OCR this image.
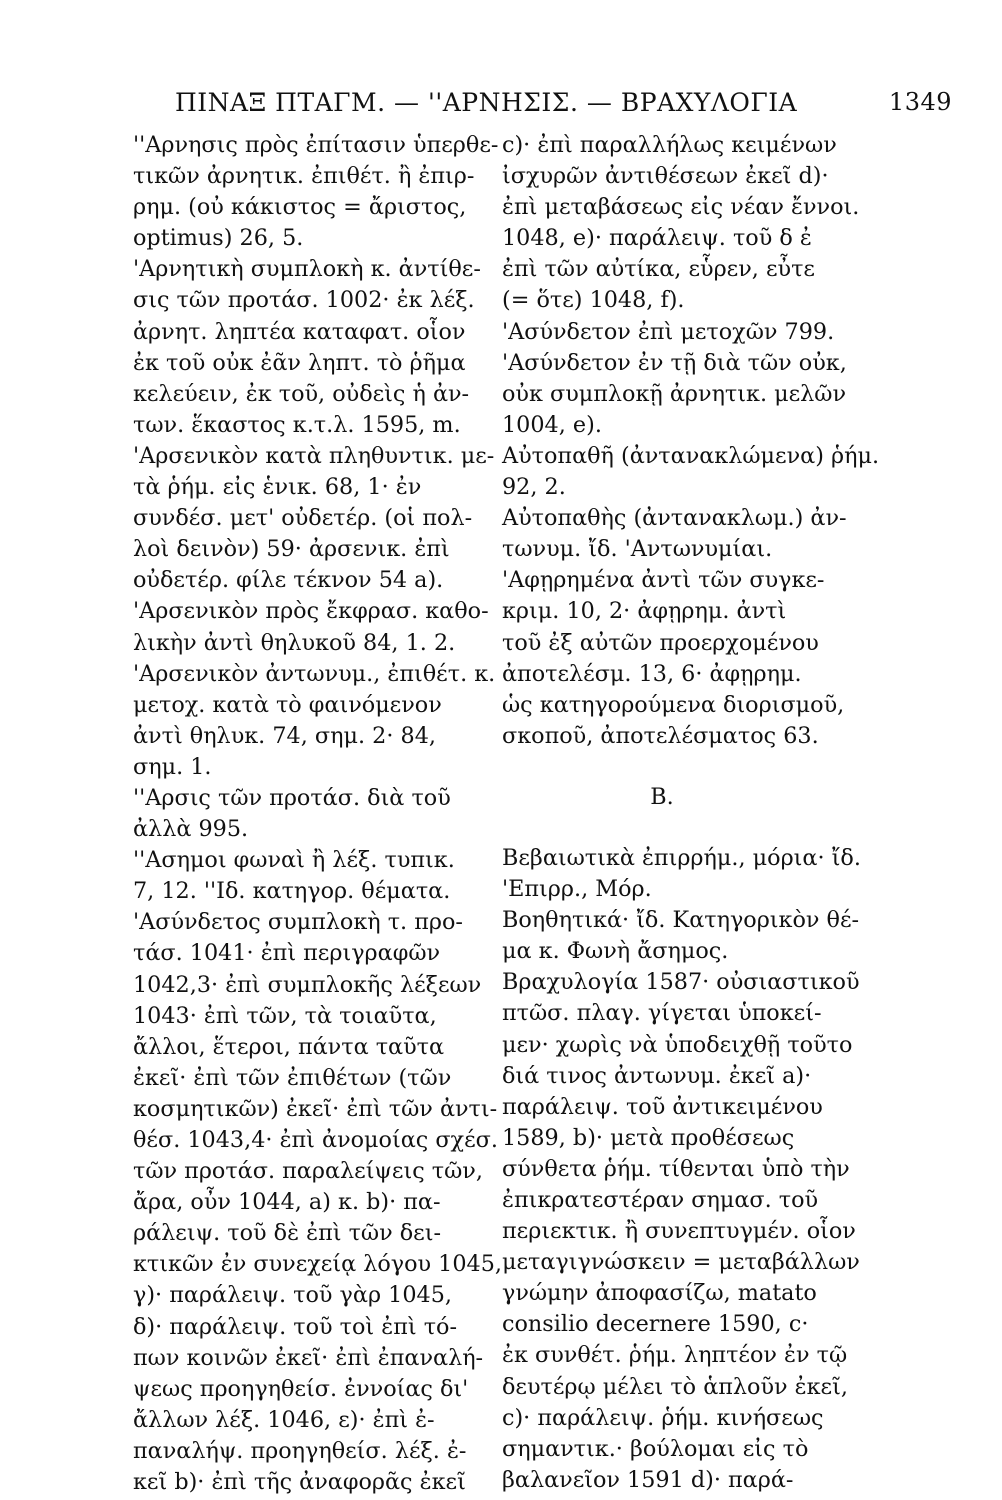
ΠΙΝΑΞ ΠΤΑΓΜ. — ''ΑΡΝΗΣΙΣ. — ΒΡΑΧΥΛΟΓΙΑ	1349
''Αρνησις πρὸς ἐπίτασιν ὑπερθε-
τικῶν ἀρνητικ. ἐπιθέτ. ἢ ἐπιρ-
ρημ. (οὐ κάκιστος = ἄριστος,
optimus) 26, 5.
'Αρνητικὴ συμπλοκὴ κ. ἀντίθε-
σις τῶν προτάσ. 1002· ἐκ λέξ.
ἀρνητ. ληπτέα καταφατ. οἷον
ἐκ τοῦ οὐκ ἐᾶν ληπτ. τὸ ῥῆμα
κελεύειν, ἐκ τοῦ, οὐδεὶς ἡ ἀν-
των. ἕκαστος κ.τ.λ. 1595, m.
'Αρσενικὸν κατὰ πληθυντικ. με-
τὰ ῥήμ. εἰς ἑνικ. 68, 1· ἐν
συνδέσ. μετ' οὐδετέρ. (οἱ πολ-
λοὶ δεινὸν) 59· ἀρσενικ. ἐπὶ
οὐδετέρ. φίλε τέκνον 54 a).
'Αρσενικὸν πρὸς ἔκφρασ. καθο-
λικὴν ἀντὶ θηλυκοῦ 84, 1. 2.
'Αρσενικὸν ἀντωνυμ., ἐπιθέτ. κ.
μετοχ. κατὰ τὸ φαινόμενον
ἀντὶ θηλυκ. 74, σημ. 2· 84,
σημ. 1.
''Αρσις τῶν προτάσ. διὰ τοῦ
ἀλλὰ 995.
''Ασημοι φωναὶ ἢ λέξ. τυπικ.
7, 12. ''Ιδ. κατηγορ. θέματα.
'Ασύνδετος συμπλοκὴ τ. προ-
τάσ. 1041· ἐπὶ περιγραφῶν
1042,3· ἐπὶ συμπλοκῆς λέξεων
1043· ἐπὶ τῶν, τὰ τοιαῦτα,
ἄλλοι, ἕτεροι, πάντα ταῦτα
ἐκεῖ· ἐπὶ τῶν ἐπιθέτων (τῶν
κοσμητικῶν) ἐκεῖ· ἐπὶ τῶν ἀντι-
θέσ. 1043,4· ἐπὶ ἀνομοίας σχέσ.
τῶν προτάσ. παραλείψεις τῶν,
ἄρα, οὖν 1044, a) κ. b)· πα-
ράλειψ. τοῦ δὲ ἐπὶ τῶν δει-
κτικῶν ἐν συνεχείᾳ λόγου 1045,
γ)· παράλειψ. τοῦ γὰρ 1045,
δ)· παράλειψ. τοῦ τοὶ ἐπὶ τό-
πων κοινῶν ἐκεῖ· ἐπὶ ἐπαναλή-
ψεως προηγηθείσ. ἐννοίας δι'
ἄλλων λέξ. 1046, ε)· ἐπὶ ἐ-
παναλήψ. προηγηθείσ. λέξ. ἐ-
κεῖ b)· ἐπὶ τῆς ἀναφορᾶς ἐκεῖ
c)· ἐπὶ παραλλήλως κειμένων
ἰσχυρῶν ἀντιθέσεων ἐκεῖ d)·
ἐπὶ μεταβάσεως εἰς νέαν ἔννοι.
1048, e)· παράλειψ. τοῦ δ ἐ
ἐπὶ τῶν αὐτίκα, εὗρεν, εὖτε
(= ὅτε) 1048, f).
'Ασύνδετον ἐπὶ μετοχῶν 799.
'Ασύνδετον ἐν τῇ διὰ τῶν οὐκ,
οὐκ συμπλοκῇ ἀρνητικ. μελῶν
1004, e).
Αὐτοπαθῆ (ἀντανακλώμενα) ῥήμ.
92, 2.
Αὐτοπαθὴς (ἀντανακλωμ.) ἀν-
τωνυμ. ἴδ. 'Αντωνυμίαι.
'Αφῃρημένα ἀντὶ τῶν συγκε-
κριμ. 10, 2· ἀφῃρημ. ἀντὶ
τοῦ ἐξ αὐτῶν προερχομένου
ἀποτελέσμ. 13, 6· ἀφῃρημ.
ὡς κατηγορούμενα διορισμοῦ,
σκοποῦ, ἀποτελέσματος 63.
B.
Βεβαιωτικὰ ἐπιρρήμ., μόρια· ἴδ.
'Επιρρ., Μόρ.
Βοηθητικά· ἴδ. Κατηγορικὸν θέ-
μα κ. Φωνὴ ἄσημος.
Βραχυλογία 1587· οὐσιαστικοῦ
πτῶσ. πλαγ. γίγεται ὑποκεί-
μεν· χωρὶς νὰ ὑποδειχθῇ τοῦτο
διά τινος ἀντωνυμ. ἐκεῖ a)·
παράλειψ. τοῦ ἀντικειμένου
1589, b)· μετὰ προθέσεως
σύνθετα ῥήμ. τίθενται ὑπὸ τὴν
ἐπικρατεστέραν σημασ. τοῦ
περιεκτικ. ἢ συνεπτυγμέν. οἷον
μεταγιγνώσκειν = μεταβάλλων
γνώμην ἀποφασίζω, matato
consilio decernere 1590, c·
ἐκ συνθέτ. ῥήμ. ληπτέον ἐν τῷ
δευτέρῳ μέλει τὸ ἁπλοῦν ἐκεῖ,
c)· παράλειψ. ῥήμ. κινήσεως
σημαντικ.· βούλομαι εἰς τὸ
βαλανεῖον 1591 d)· παρά-
